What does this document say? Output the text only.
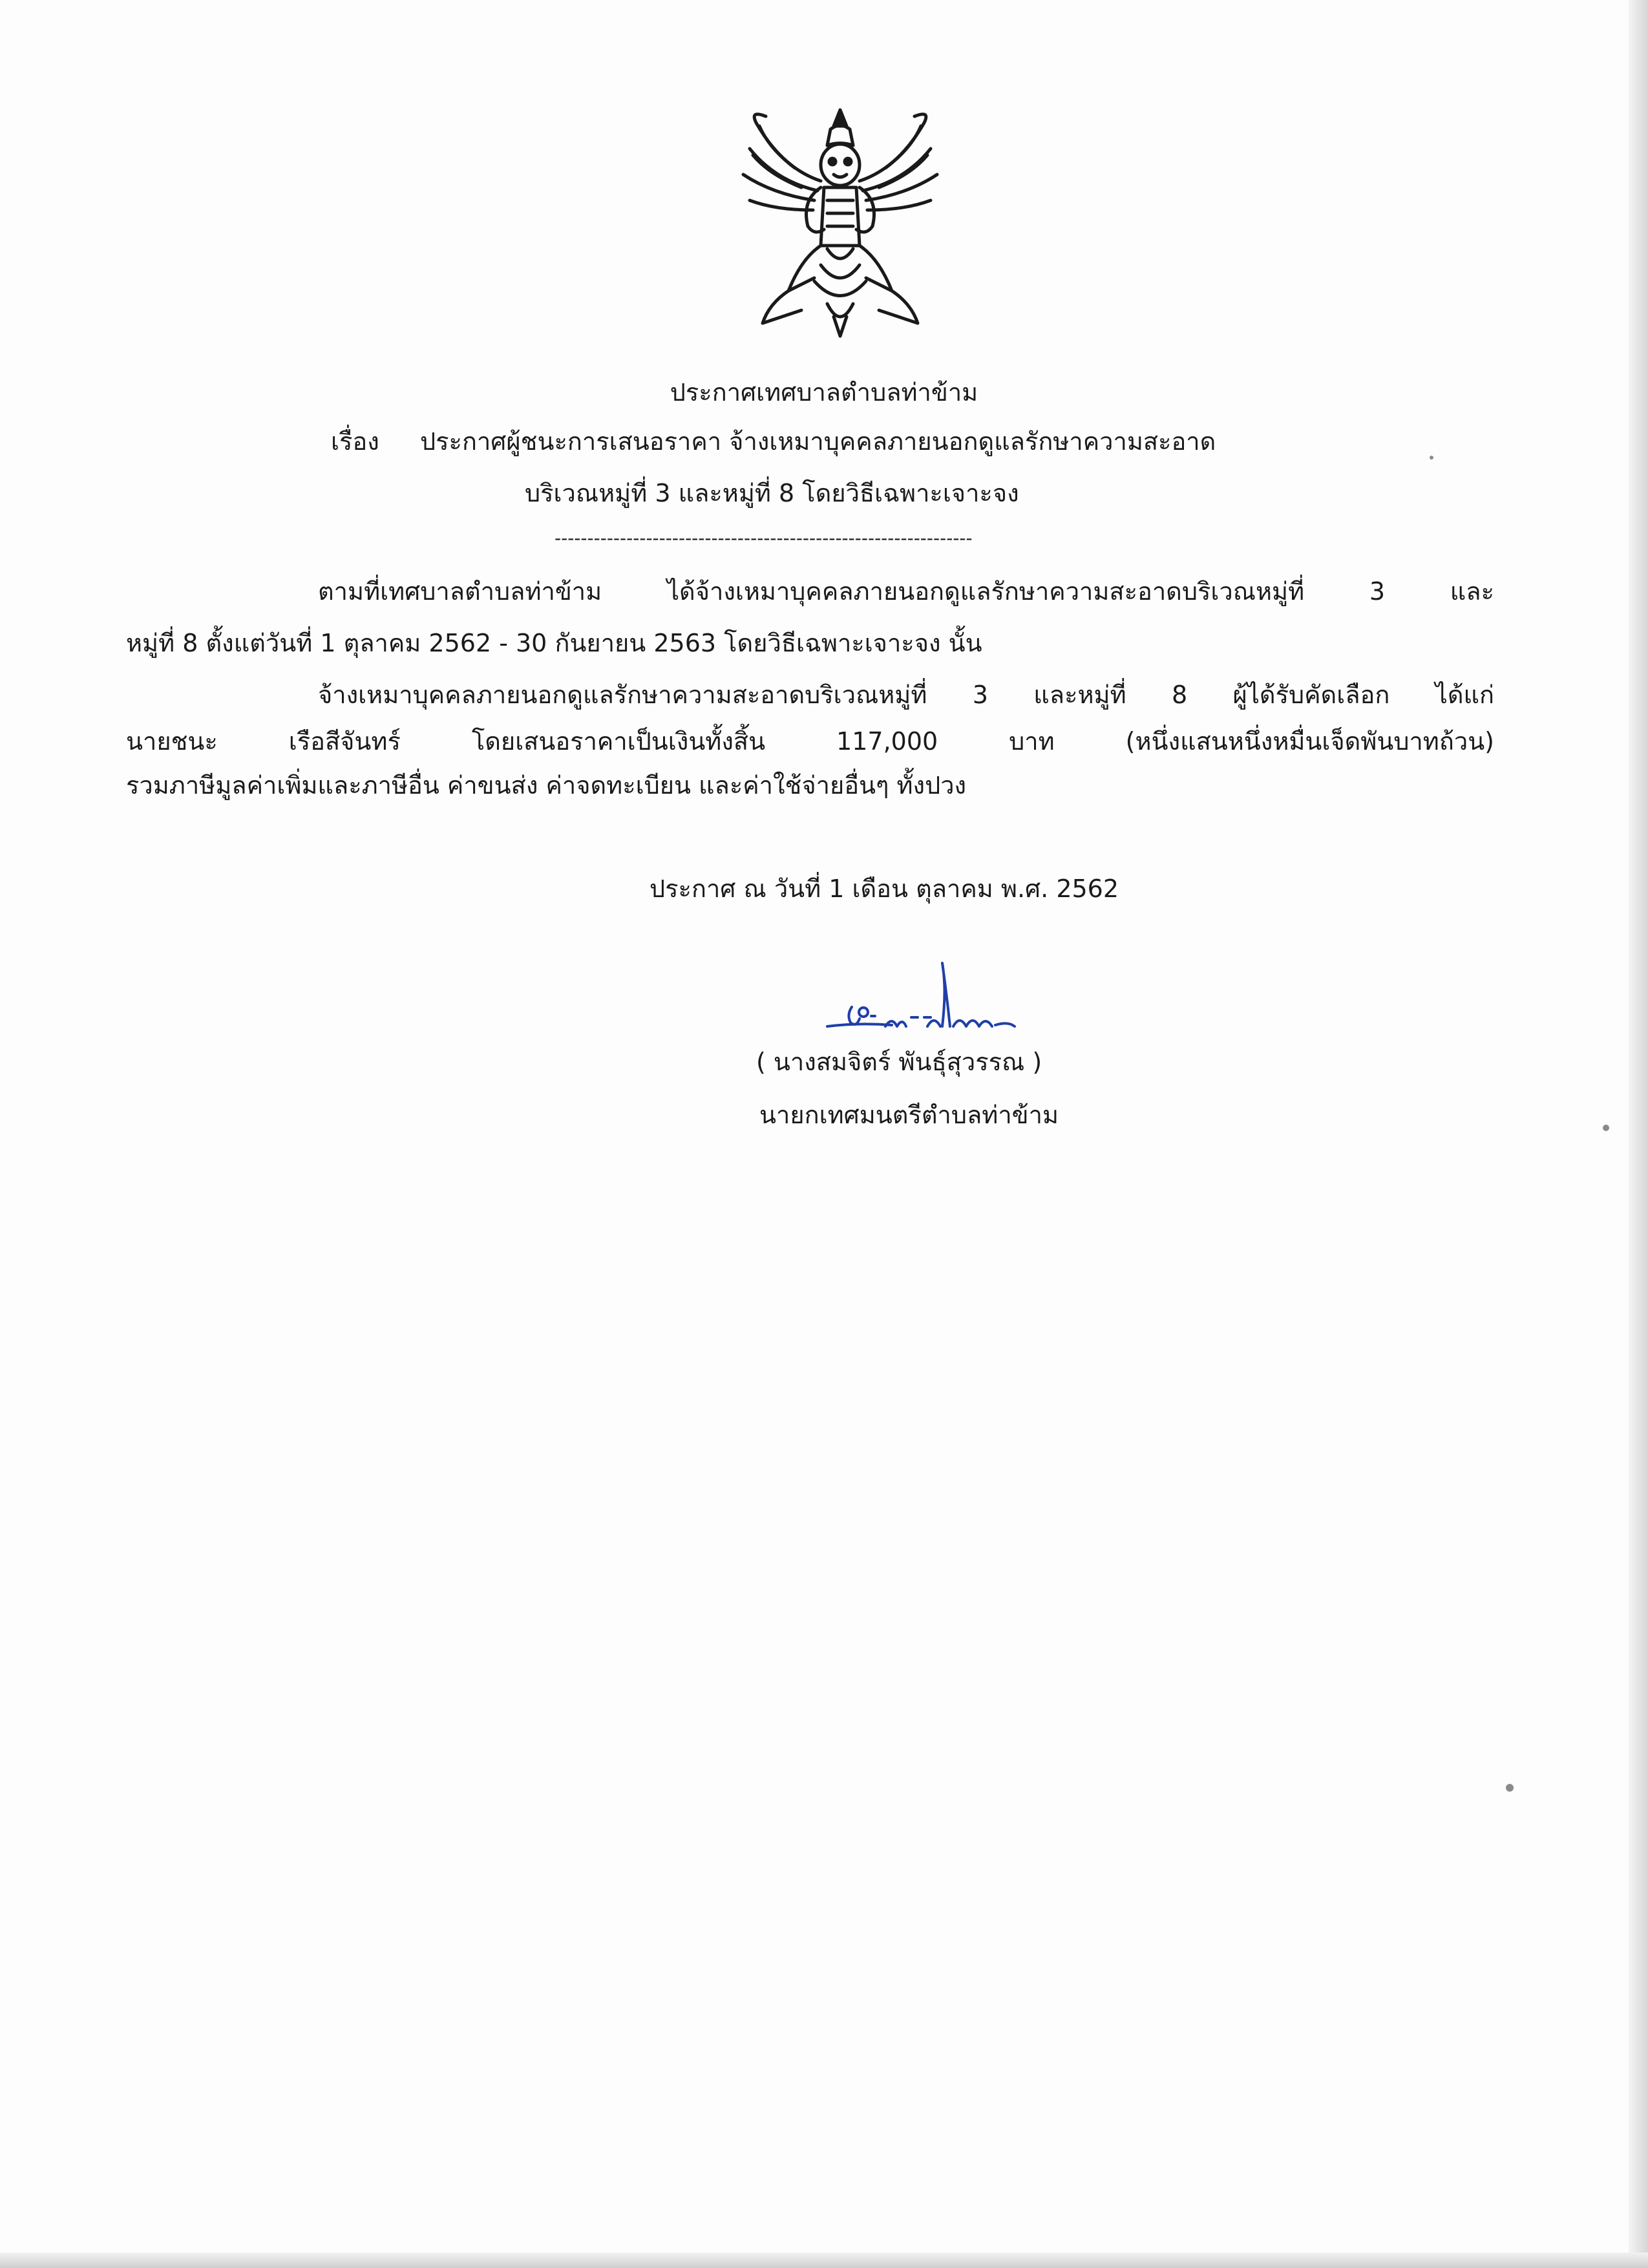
ประกาศเทศบาลตำบลท่าข้าม
เรื่อง ประกาศผู้ชนะการเสนอราคา จ้างเหมาบุคคลภายนอกดูแลรักษาความสะอาด
บริเวณหมู่ที่ 3 และหมู่ที่ 8 โดยวิธีเฉพาะเจาะจง
----------------------------------------------------------------
ตามที่เทศบาลตำบลท่าข้าม ได้จ้างเหมาบุคคลภายนอกดูแลรักษาความสะอาดบริเวณหมู่ที่ 3 และ
หมู่ที่ 8 ตั้งแต่วันที่ 1 ตุลาคม 2562 - 30 กันยายน 2563 โดยวิธีเฉพาะเจาะจง นั้น
จ้างเหมาบุคคลภายนอกดูแลรักษาความสะอาดบริเวณหมู่ที่ 3 และหมู่ที่ 8 ผู้ได้รับคัดเลือก ได้แก่
นายชนะ เรือสีจันทร์ โดยเสนอราคาเป็นเงินทั้งสิ้น 117,000 บาท (หนึ่งแสนหนึ่งหมื่นเจ็ดพันบาทถ้วน)
รวมภาษีมูลค่าเพิ่มและภาษีอื่น ค่าขนส่ง ค่าจดทะเบียน และค่าใช้จ่ายอื่นๆ ทั้งปวง
ประกาศ ณ วันที่ 1 เดือน ตุลาคม พ.ศ. 2562
( นางสมจิตร์ พันธุ์สุวรรณ )
นายกเทศมนตรีตำบลท่าข้าม
